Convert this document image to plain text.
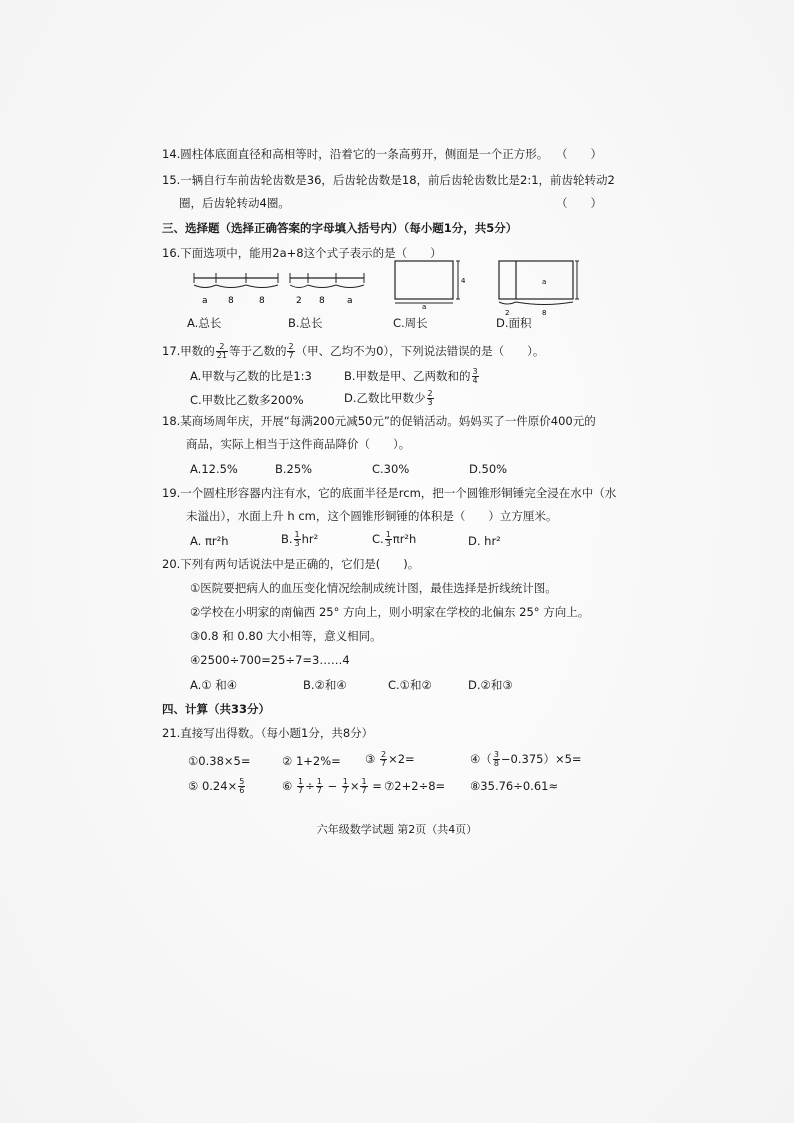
14.圆柱体底面直径和高相等时，沿着它的一条高剪开，侧面是一个正方形。 （　　）
15.一辆自行车前齿轮齿数是36，后齿轮齿数是18，前后齿轮齿数比是2:1，前齿轮转动2
圈，后齿轮转动4圈。	（　　）
三、选择题（选择正确答案的字母填入括号内）（每小题1分，共5分）
16.下面选项中，能用2a+8这个式子表示的是（　　）
a 8	8	2 8 a
4
a
a
2	8
A.总长	B.总长	C.周长	D.面积
17.甲数的 $\frac{2}{21}$ 等于乙数的 $\frac{2}{7}$ （甲、乙均不为0），下列说法错误的是（　　）。
A.甲数与乙数的比是1:3	B.甲数是甲、乙两数和的 $\frac{3}{4}$
C.甲数比乙数多200%	D.乙数比甲数少 $\frac{2}{3}$
18.某商场周年庆，开展“每满200元减50元”的促销活动。妈妈买了一件原价400元的
商品，实际上相当于这件商品降价（　　）。
A.12.5%	B.25%	C.30%	D.50%
19.一个圆柱形容器内注有水，它的底面半径是rcm，把一个圆锥形铜锤完全浸在水中（水
未溢出），水面上升 h cm，这个圆锥形铜锤的体积是（　　）立方厘米。
A. πr²h	B. $\frac{1}{3} hr^2$	C. $\frac{1}{3} \pi r^2h$	D. hr²
20.下列有两句话说法中是正确的，它们是(　　)。
①医院要把病人的血压变化情况绘制成统计图，最佳选择是折线统计图。
②学校在小明家的南偏西 25° 方向上，则小明家在学校的北偏东 25° 方向上。
③0.8 和 0.80 大小相等，意义相同。
④2500÷700=25÷7=3……4
A.① 和④	B.②和④	C.①和②	D.②和③
四、计算（共33分）
21.直接写出得数。（每小题1分，共8分）
①0.38×5=	② 1+2%= ③ $\frac{2}{7} \times 2=$	④（ $\frac{3}{8} -0.375)\times 5=$
⑤ $0.24\times \frac{5}{6}$	⑥ $\frac{1}{7} \div \frac{1}{7} - \frac{1}{7} \times \frac{1}{7}$ = ⑦2+2÷8= ⑧35.76÷0.61≈
六年级数学试题 第2页（共4页）
